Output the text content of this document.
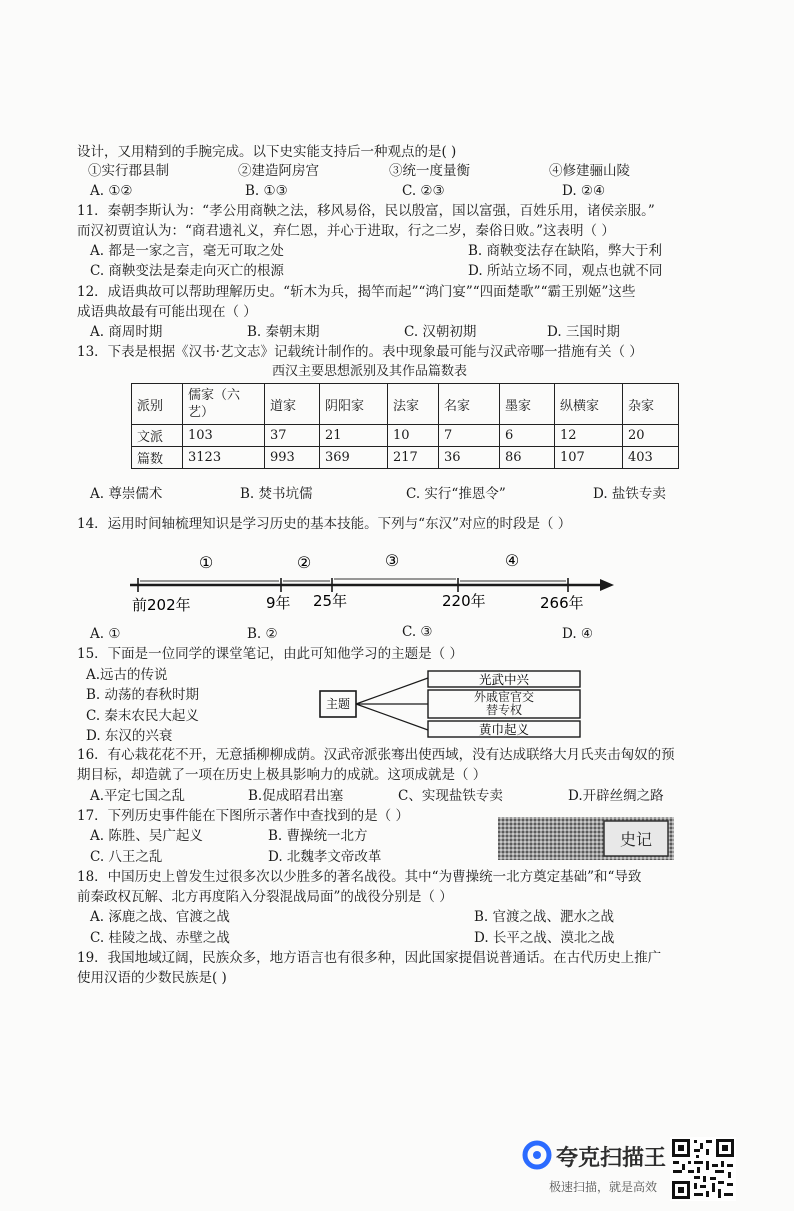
设计，又用精到的手腕完成。以下史实能支持后一种观点的是( )
①实行郡县制	②建造阿房宫	③统一度量衡	④修建骊山陵
A. ①②	B. ①③	C. ②③	D. ②④
11．秦朝李斯认为：“孝公用商鞅之法，移风易俗，民以殷富，国以富强，百姓乐用，诸侯亲服。”
而汉初贾谊认为：“商君遗礼义，弃仁恩，并心于进取，行之二岁，秦俗日败。”这表明（ ）
A. 都是一家之言，毫无可取之处	B. 商鞅变法存在缺陷，弊大于利
C. 商鞅变法是秦走向灭亡的根源	D. 所站立场不同，观点也就不同
12．成语典故可以帮助理解历史。“斩木为兵，揭竿而起”“鸿门宴”“四面楚歌”“霸王别姬”这些
成语典故最有可能出现在（ ）
A. 商周时期	B. 秦朝末期	C. 汉朝初期	D. 三国时期
13．下表是根据《汉书·艺文志》记载统计制作的。表中现象最可能与汉武帝哪一措施有关（ ）
西汉主要思想派别及其作品篇数表
派别	儒家（六艺）	道家	阴阳家	法家	名家	墨家	纵横家	杂家
文派	103	37	21	10	7	6	12	20
篇数	3123	993	369	217	36	86	107	403
A. 尊崇儒术	B. 焚书坑儒	C. 实行“推恩令”	D. 盐铁专卖
14．运用时间轴梳理知识是学习历史的基本技能。下列与“东汉”对应的时段是（ ）
①	②	③	④
前202年	9年 25年	220年	266年
A. ①	B. ②	C. ③	D. ④
15．下面是一位同学的课堂笔记，由此可知他学习的主题是（ ）
A.远古的传说
B. 动荡的春秋时期
C. 秦末农民大起义
D. 东汉的兴衰
主题
光武中兴
外戚宦官交替专权
黄巾起义
16．有心栽花花不开，无意插柳柳成荫。汉武帝派张骞出使西域，没有达成联络大月氏夹击匈奴的预
期目标，却造就了一项在历史上极具影响力的成就。这项成就是（ ）
A.平定七国之乱	B.促成昭君出塞	C、实现盐铁专卖	D.开辟丝绸之路
17．下列历史事件能在下图所示著作中查找到的是（ ）
A. 陈胜、吴广起义	B. 曹操统一北方
C. 八王之乱	D. 北魏孝文帝改革
史记
18．中国历史上曾发生过很多次以少胜多的著名战役。其中“为曹操统一北方奠定基础”和“导致
前秦政权瓦解、北方再度陷入分裂混战局面”的战役分别是（ ）
A. 涿鹿之战、官渡之战	B. 官渡之战、淝水之战
C. 桂陵之战、赤壁之战	D. 长平之战、漠北之战
19．我国地域辽阔，民族众多，地方语言也有很多种，因此国家提倡说普通话。在古代历史上推广
使用汉语的少数民族是( )
夸克扫描王
极速扫描，就是高效
